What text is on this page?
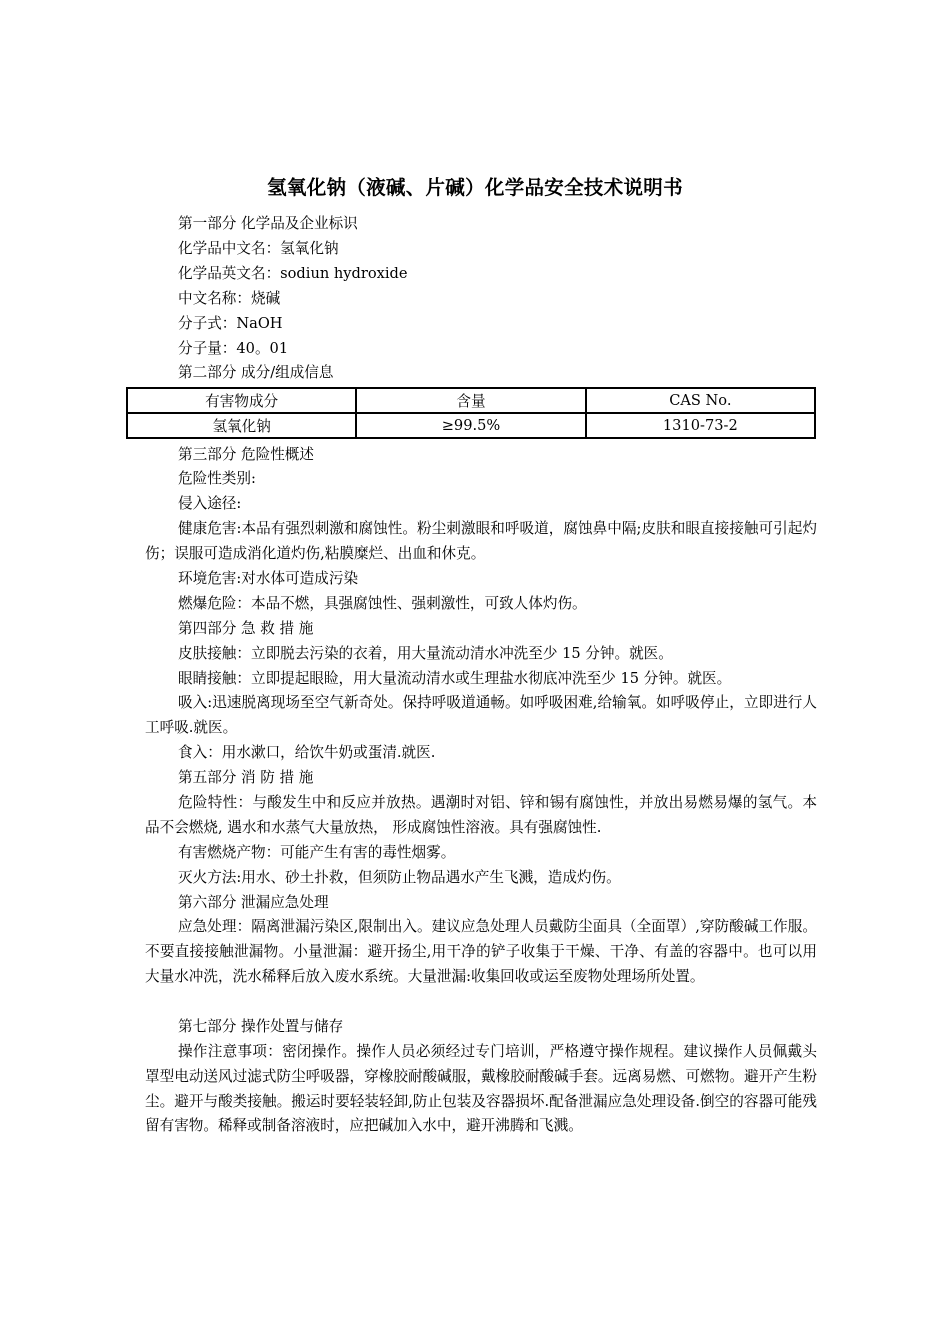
氢氧化钠（液碱、片碱）化学品安全技术说明书
第一部分 化学品及企业标识
化学品中文名：氢氧化钠
化学品英文名：sodiun hydroxide
中文名称：烧碱
分子式：NaOH
分子量：40。01
第二部分 成分/组成信息
有害物成分	含量	CAS No.
氢氧化钠	≥99.5%	1310-73-2
第三部分 危险性概述
危险性类别:
侵入途径:
健康危害:本品有强烈刺激和腐蚀性。粉尘刺激眼和呼吸道，腐蚀鼻中隔;皮肤和眼直接接触可引起灼伤；误服可造成消化道灼伤,粘膜糜烂、出血和休克。
环境危害:对水体可造成污染
燃爆危险：本品不燃，具强腐蚀性、强刺激性，可致人体灼伤。
第四部分 急 救 措 施
皮肤接触：立即脱去污染的衣着，用大量流动清水冲洗至少 15 分钟。就医。
眼睛接触：立即提起眼睑，用大量流动清水或生理盐水彻底冲洗至少 15 分钟。就医。
吸入:迅速脱离现场至空气新奇处。保持呼吸道通畅。如呼吸困难,给输氧。如呼吸停止，立即进行人工呼吸.就医。
食入：用水漱口，给饮牛奶或蛋清.就医.
第五部分 消 防 措 施
危险特性：与酸发生中和反应并放热。遇潮时对铝、锌和锡有腐蚀性，并放出易燃易爆的氢气。本品不会燃烧, 遇水和水蒸气大量放热， 形成腐蚀性溶液。具有强腐蚀性.
有害燃烧产物：可能产生有害的毒性烟雾。
灭火方法:用水、砂土扑救，但须防止物品遇水产生飞溅，造成灼伤。
第六部分 泄漏应急处理
应急处理：隔离泄漏污染区,限制出入。建议应急处理人员戴防尘面具（全面罩）,穿防酸碱工作服。不要直接接触泄漏物。小量泄漏：避开扬尘,用干净的铲子收集于干燥、干净、有盖的容器中。也可以用大量水冲洗，洗水稀释后放入废水系统。大量泄漏:收集回收或运至废物处理场所处置。
第七部分 操作处置与储存
操作注意事项：密闭操作。操作人员必须经过专门培训，严格遵守操作规程。建议操作人员佩戴头罩型电动送风过滤式防尘呼吸器，穿橡胶耐酸碱服，戴橡胶耐酸碱手套。远离易燃、可燃物。避开产生粉尘。避开与酸类接触。搬运时要轻装轻卸,防止包装及容器损坏.配备泄漏应急处理设备.倒空的容器可能残留有害物。稀释或制备溶液时，应把碱加入水中，避开沸腾和飞溅。
